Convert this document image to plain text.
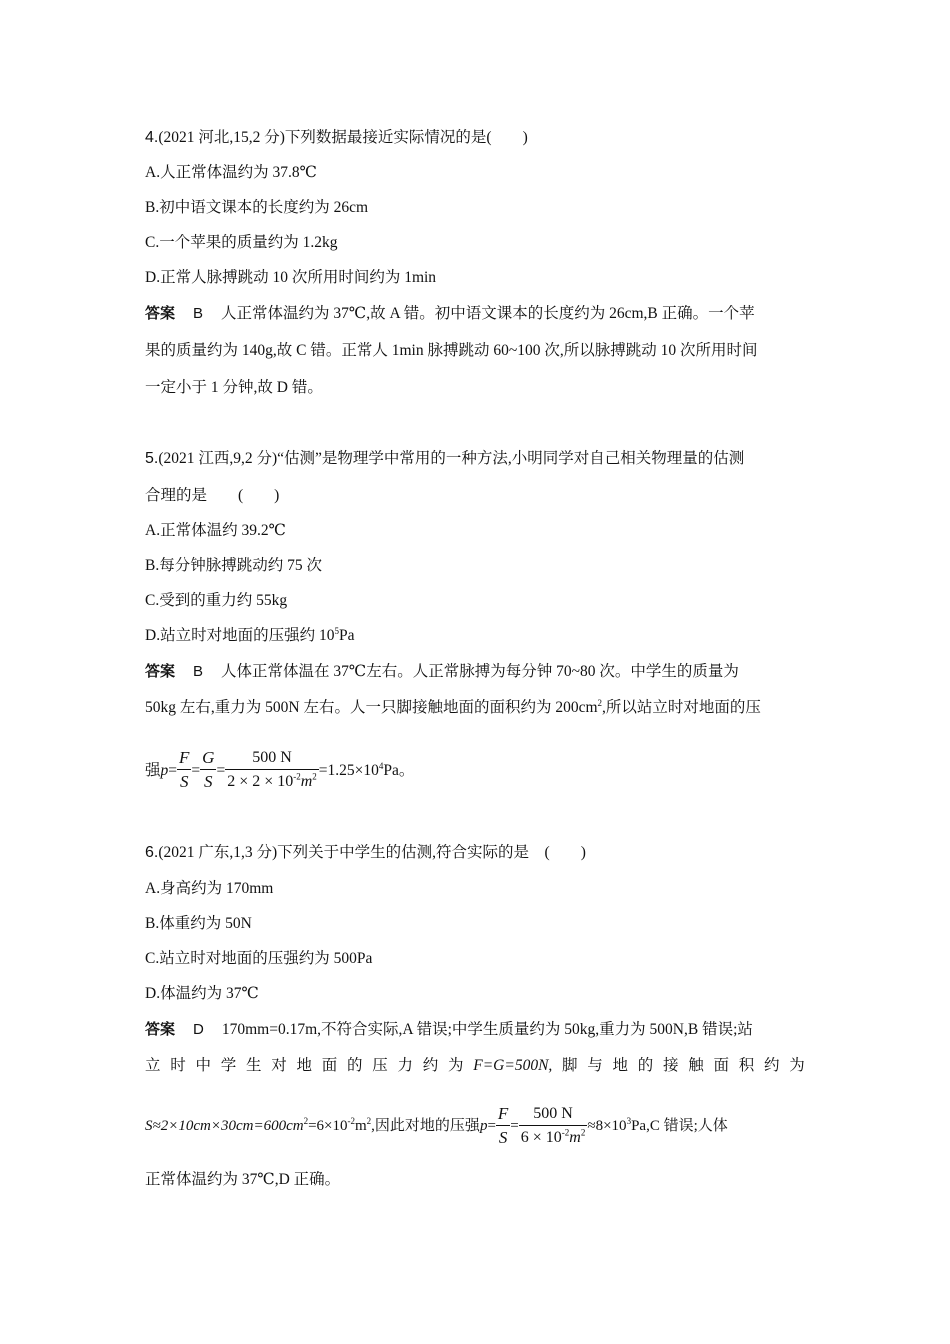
4.(2021 河北,15,2 分)下列数据最接近实际情况的是(　　)
A.人正常体温约为 37.8℃
B.初中语文课本的长度约为 26cm
C.一个苹果的质量约为 1.2kg
D.正常人脉搏跳动 10 次所用时间约为 1min
答案 B 人正常体温约为 37℃,故 A 错。初中语文课本的长度约为 26cm,B 正确。一个苹
果的质量约为 140g,故 C 错。正常人 1min 脉搏跳动 60~100 次,所以脉搏跳动 10 次所用时间
一定小于 1 分钟,故 D 错。
5.(2021 江西,9,2 分)“估测”是物理学中常用的一种方法,小明同学对自己相关物理量的估测
合理的是　　(　　)
A.正常体温约 39.2℃
B.每分钟脉搏跳动约 75 次
C.受到的重力约 55kg
D.站立时对地面的压强约 $10^5Pa$
答案 B 人体正常体温在 37℃左右。人正常脉搏为每分钟 70~80 次。中学生的质量为
50kg 左右,重力为 500N 左右。人一只脚接触地面的面积约为 $200cm^2$,所以站立时对地面的压
强$p= \frac{F}{S} = \frac{G}{S} = \frac{500 N}{2 \times 2 \times 10^{-2}m^2} =1.25\times 10^4Pa$。
6.(2021 广东,1,3 分)下列关于中学生的估测,符合实际的是　(　　)
A.身高约为 170mm
B.体重约为 50N
C.站立时对地面的压强约为 500Pa
D.体温约为 37℃
答案 D 170mm=0.17m,不符合实际,A 错误;中学生质量约为 50kg,重力为 500N,B 错误;站
立 时 中 学 生 对 地 面 的 压 力 约 为 F=G=500N, 脚 与 地 的 接 触 面 积 约 为
$S\approx 2\times 10cm\times 30cm=600cm^2=6\times 10^{-2}m^2$,因此对地的压强$p= \frac{F}{S} = \frac{500 N}{6 \times 10^{-2}m^2} \approx 8\times 10^3Pa,C$ 错误;人体
正常体温约为 37℃,D 正确。
